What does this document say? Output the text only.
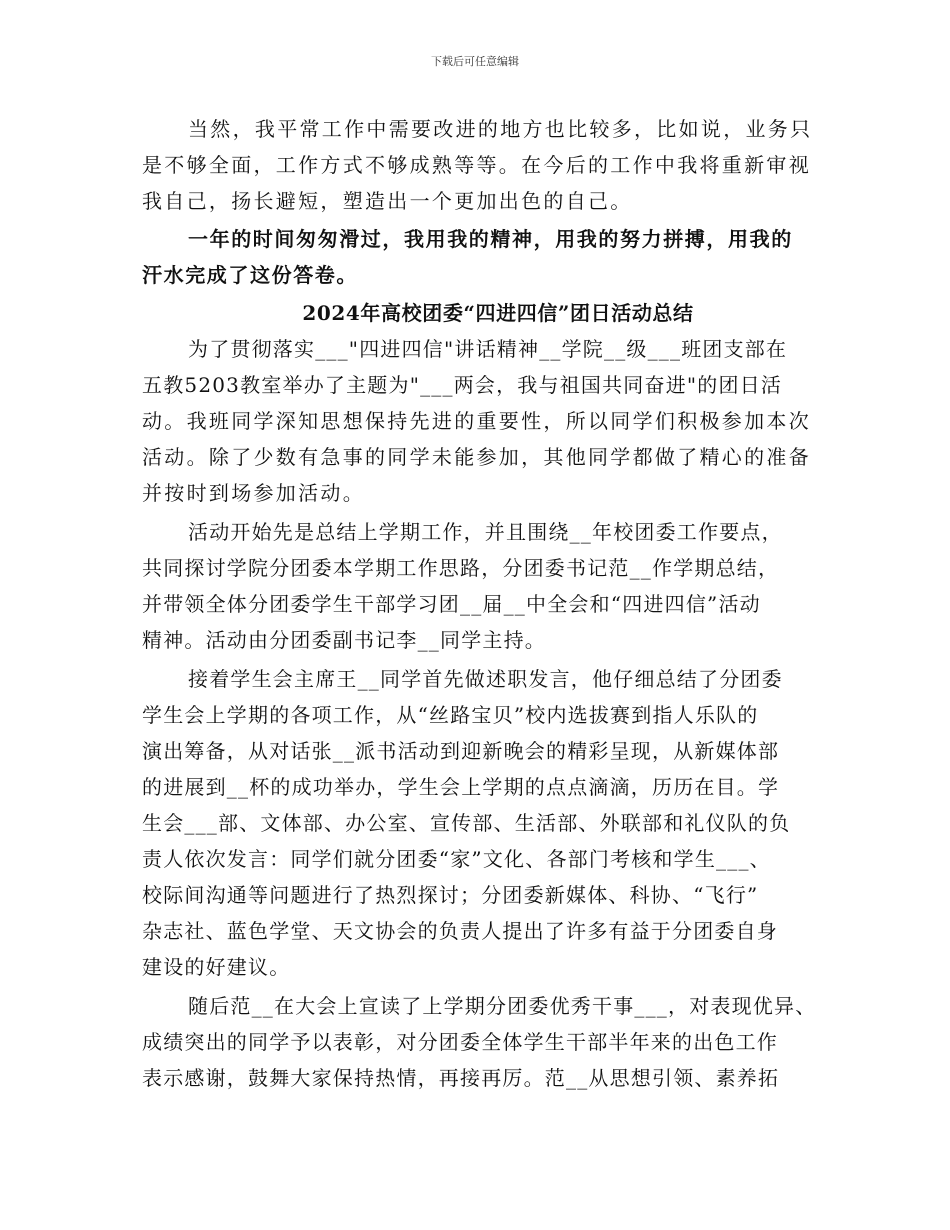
下载后可任意编辑
当然，我平常工作中需要改进的地方也比较多，比如说，业务只
是不够全面，工作方式不够成熟等等。在今后的工作中我将重新审视
我自己，扬长避短，塑造出一个更加出色的自己。
一年的时间匆匆滑过，我用我的精神，用我的努力拼搏，用我的
汗水完成了这份答卷。
2024年高校团委“四进四信”团日活动总结
为了贯彻落实___"四进四信"讲话精神__学院__级___班团支部在
五教5203教室举办了主题为"___两会，我与祖国共同奋进"的团日活
动。我班同学深知思想保持先进的重要性，所以同学们积极参加本次
活动。除了少数有急事的同学未能参加，其他同学都做了精心的准备
并按时到场参加活动。
活动开始先是总结上学期工作，并且围绕__年校团委工作要点，
共同探讨学院分团委本学期工作思路，分团委书记范__作学期总结，
并带领全体分团委学生干部学习团__届__中全会和“四进四信”活动
精神。活动由分团委副书记李__同学主持。
接着学生会主席王__同学首先做述职发言，他仔细总结了分团委
学生会上学期的各项工作，从“丝路宝贝”校内选拔赛到指人乐队的
演出筹备，从对话张__派书活动到迎新晚会的精彩呈现，从新媒体部
的进展到__杯的成功举办，学生会上学期的点点滴滴，历历在目。学
生会___部、文体部、办公室、宣传部、生活部、外联部和礼仪队的负
责人依次发言：同学们就分团委“家”文化、各部门考核和学生___、
校际间沟通等问题进行了热烈探讨；分团委新媒体、科协、“飞行”
杂志社、蓝色学堂、天文协会的负责人提出了许多有益于分团委自身
建设的好建议。
随后范__在大会上宣读了上学期分团委优秀干事___，对表现优异、
成绩突出的同学予以表彰，对分团委全体学生干部半年来的出色工作
表示感谢，鼓舞大家保持热情，再接再厉。范__从思想引领、素养拓
